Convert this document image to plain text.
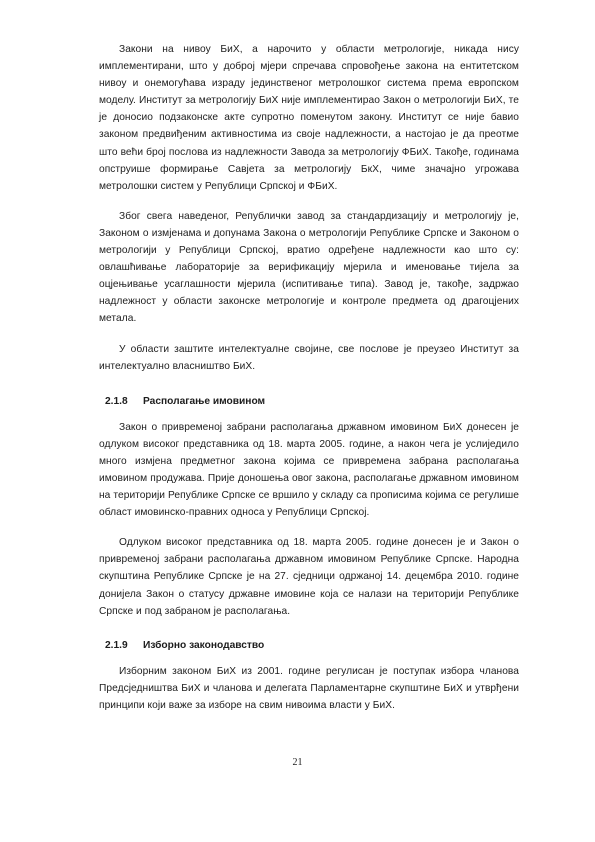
Закони на нивоу БиХ, а нарочито у области метрологије, никада нису имплементирани, што у доброј мјери спречава спровођење закона на ентитетском нивоу и онемогућава израду јединственог метролошког система према европском моделу. Институт за метрологију БиХ није имплементирао Закон о метрологији БиХ, те је доносио подзаконске акте супротно поменутом закону. Институт се није бавио законом предвиђеним активностима из своје надлежности, а настојао је да преотме што већи број послова из надлежности Завода за метрологију ФБиХ. Такође, годинама опструише формирање Савјета за метрологију БкХ, чиме значајно угрожава метролошки систем у Републици Српској и ФБиХ.

Због свега наведеног, Републички завод за стандардизацију и метрологију је, Законом о измјенама и допунама Закона о метрологији Републике Српске и Законом о метрологији у Републици Српској, вратио одређене надлежности као што су: овлашћивање лабораторије за верификацију мјерила и именовање тијела за оцјењивање усаглашности мјерила (испитивање типа). Завод је, такође, задржао надлежност у области законске метрологије и контроле предмета од драгоцјених метала.

У области заштите интелектуалне својине, све послове је преузео Институт за интелектуално власништво БиХ.

2.1.8 Располагање имовином

Закон о привременој забрани располагања државном имовином БиХ донесен је одлуком високог представника од 18. марта 2005. године, а након чега је услиједило много измјена предметног закона којима се привремена забрана располагања имовином продужава. Прије доношења овог закона, располагање државном имовином на територији Републике Српске се вршило у складу са прописима којима се регулише област имовинско-правних односа у Републици Српској.

Одлуком високог представника од 18. марта 2005. године донесен је и Закон о привременој забрани располагања државном имовином Републике Српске. Народна скупштина Републике Српске је на 27. сједници одржаној 14. децембра 2010. године донијела Закон о статусу државне имовине која се налази на територији Републике Српске и под забраном је располагања.

2.1.9 Изборно законодавство

Изборним законом БиХ из 2001. године регулисан је поступак избора чланова Предсједништва БиХ и чланова и делегата Парламентарне скупштине БиХ и утврђени принципи који важе за изборе на свим нивоима власти у БиХ.

21
